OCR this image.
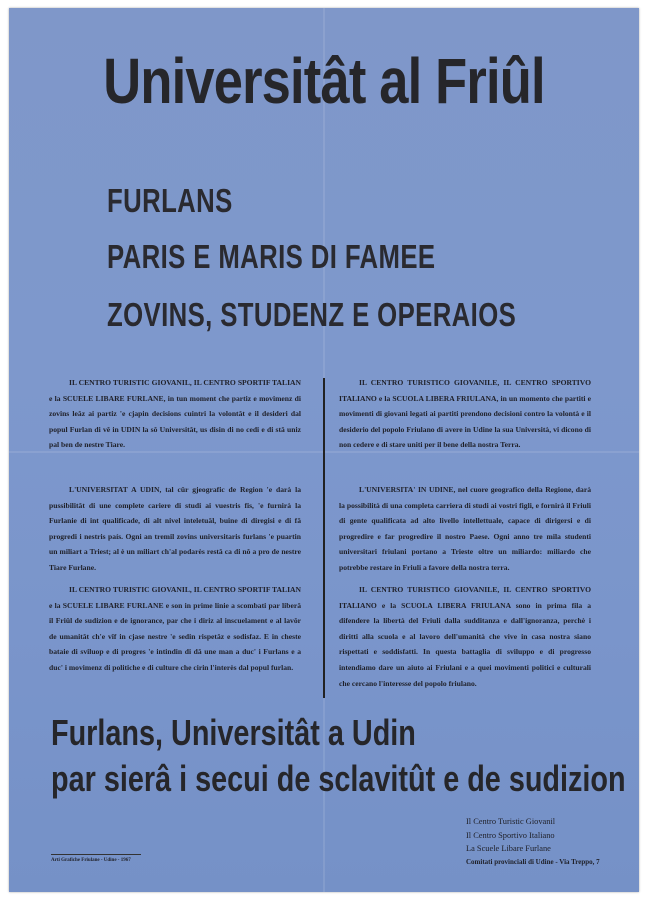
Universitât al Friûl
FURLANS
PARIS E MARIS DI FAMEE
ZOVINS, STUDENZ E OPERAIOS

IL CENTRO TURISTIC GIOVANIL, IL CENTRO SPORTIF TALIAN e la SCUELE LIBARE FURLANE, in tun moment che partiz e movimenz di zovins leâz ai partiz 'e cjapin decisions cuintri la volontât e il desideri dal popul Furlan di vê in UDIN la sô Universitât, us disin di no cedi e di stâ uniz pal ben de nestre Tiare.

L'UNIVERSITAT A UDIN, tal cûr gjeografic de Region 'e darà la pussibilitât di une complete cariere di studi ai vuestris fis, 'e furnirà la Furlanie di int qualificade, di alt nivel inteletuâl, buine di diregisi e di fâ progredi i nestris país. Ogni an tremil zovins universitaris furlans 'e puartin un miliart a Triest; al è un miliart ch'al podarès restâ ca di nô a pro de nestre Tiare Furlane.

IL CENTRO TURISTIC GIOVANIL, IL CENTRO SPORTIF TALIAN e la SCUELE LIBARE FURLANE e son in prime linie a scombati par liberâ il Friûl de sudizion e de ignorance, par che i diriz al inscuelament e al lavôr de umanitât ch'e vîf in cjase nestre 'e sedin rispetâz e sodisfaz. E in cheste bataie di sviluop e di progres 'e intindin di dâ une man a duc' i Furlans e a duc' i movimenz di politiche e di culture che cirin l'interès dal popul furlan.

IL CENTRO TURISTICO GIOVANILE, IL CENTRO SPORTIVO ITALIANO e la SCUOLA LIBERA FRIULANA, in un momento che partiti e movimenti di giovani legati ai partiti prendono decisioni contro la volontà e il desiderio del popolo Friulano di avere in Udine la sua Università, vi dicono di non cedere e di stare uniti per il bene della nostra Terra.

L'UNIVERSITA' IN UDINE, nel cuore geografico della Regione, darà la possibilità di una completa carriera di studi ai vostri figli, e fornirà il Friuli di gente qualificata ad alto livello intellettuale, capace di dirigersi e di progredire e far progredire il nostro Paese. Ogni anno tre mila studenti universitari friulani portano a Trieste oltre un miliardo: miliardo che potrebbe restare in Friuli a favore della nostra terra.

IL CENTRO TURISTICO GIOVANILE, IL CENTRO SPORTIVO ITALIANO e la SCUOLA LIBERA FRIULANA sono in prima fila a difendere la libertà del Friuli dalla sudditanza e dall'ignoranza, perchè i diritti alla scuola e al lavoro dell'umanità che vive in casa nostra siano rispettati e soddisfatti. In questa battaglia di sviluppo e di progresso intendiamo dare un aiuto ai Friulani e a quei movimenti politici e culturali che cercano l'interesse del popolo friulano.

Furlans, Universitât a Udin
par sierâ i secui de sclavitût e de sudizion
Il Centro Turistic Giovanil
Il Centro Sportivo Italiano
La Scuele Libare Furlane
Comitati provinciali di Udine - Via Treppo, 7
Arti Grafiche Friulane - Udine - 1967
